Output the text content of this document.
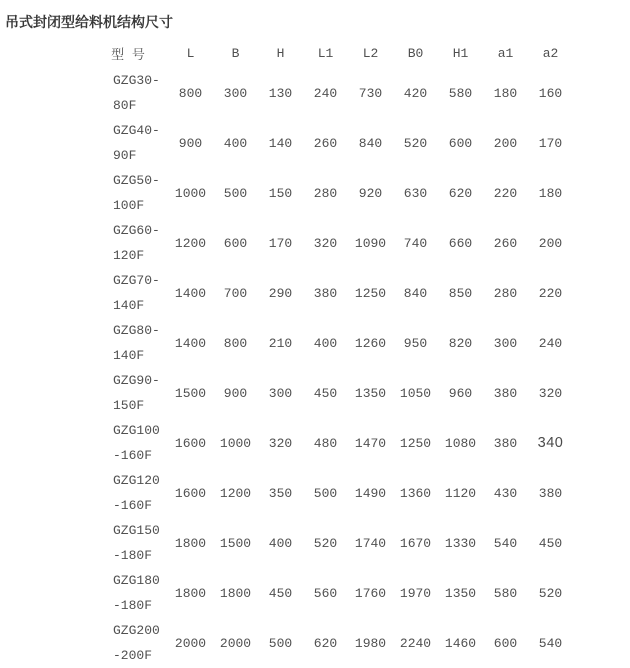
吊式封闭型给料机结构尺寸
型 号	L	B	H	L1	L2	B0	H1	a1	a2

GZG30-
80F	800	300	130	240	730	420	580	180	160

GZG40-
90F	900	400	140	260	840	520	600	200	170

GZG50-
100F	1000	500	150	280	920	630	620	220	180

GZG60-
120F	1200	600	170	320	1090	740	660	260	200

GZG70-
140F	1400	700	290	380	1250	840	850	280	220

GZG80-
140F	1400	800	210	400	1260	950	820	300	240

GZG90-
150F	1500	900	300	450	1350	1050	960	380	320

GZG100
-160F	1600	1000	320	480	1470	1250	1080	380	340

GZG120
-160F	1600	1200	350	500	1490	1360	1120	430	380

GZG150
-180F	1800	1500	400	520	1740	1670	1330	540	450

GZG180
-180F	1800	1800	450	560	1760	1970	1350	580	520

GZG200
-200F	2000	2000	500	620	1980	2240	1460	600	540
